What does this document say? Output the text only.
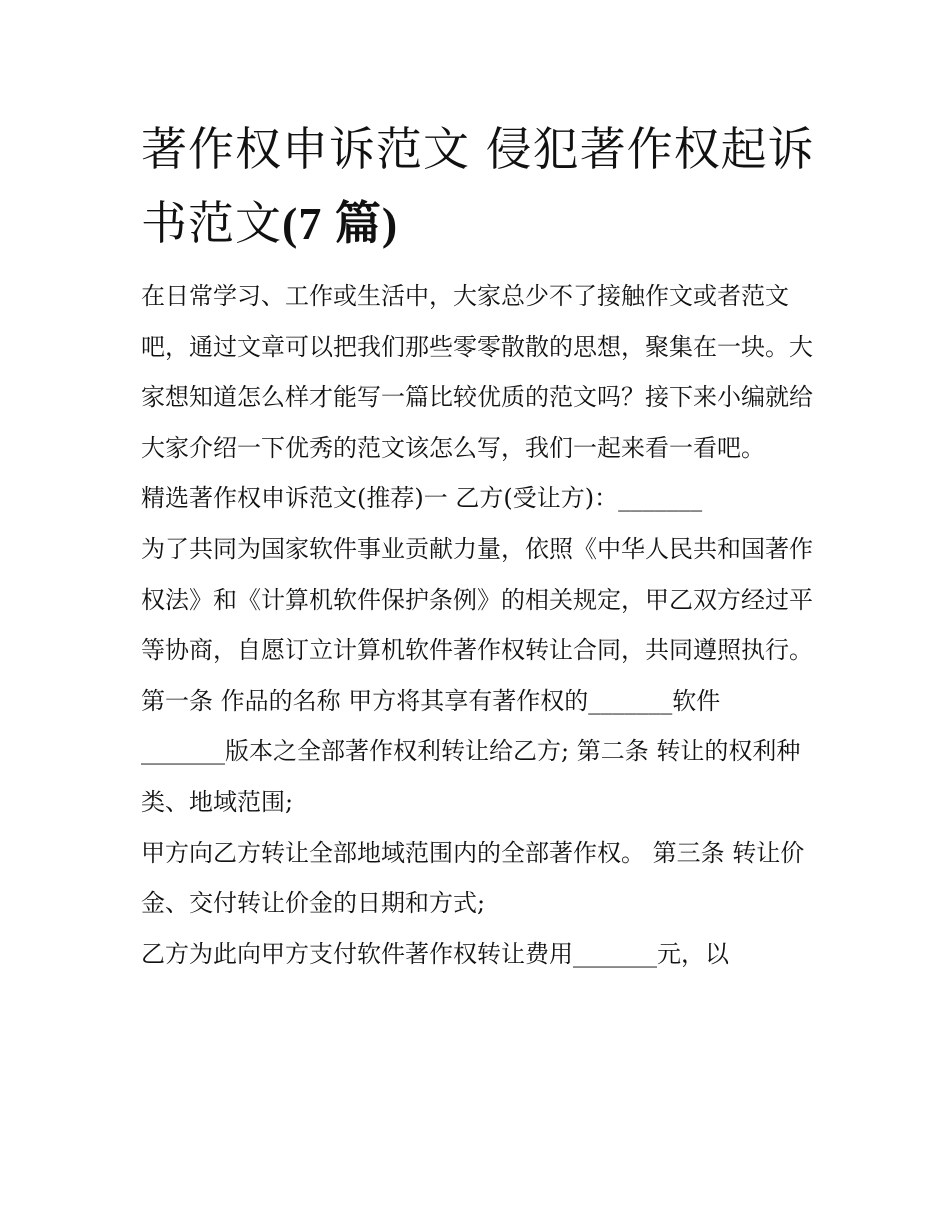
著作权申诉范文 侵犯著作权起诉书范文(7 篇)

在日常学习、工作或生活中，大家总少不了接触作文或者范文吧，通过文章可以把我们那些零零散散的思想，聚集在一块。大家想知道怎么样才能写一篇比较优质的范文吗？接下来小编就给大家介绍一下优秀的范文该怎么写，我们一起来看一看吧。

精选著作权申诉范文(推荐)一 乙方(受让方)：_______

为了共同为国家软件事业贡献力量，依照《中华人民共和国著作权法》和《计算机软件保护条例》的相关规定，甲乙双方经过平等协商，自愿订立计算机软件著作权转让合同，共同遵照执行。

第一条 作品的名称 甲方将其享有著作权的_______软件
_______版本之全部著作权利转让给乙方; 第二条 转让的权利种类、地域范围;

甲方向乙方转让全部地域范围内的全部著作权。 第三条 转让价金、交付转让价金的日期和方式;

乙方为此向甲方支付软件著作权转让费用_______元，以
